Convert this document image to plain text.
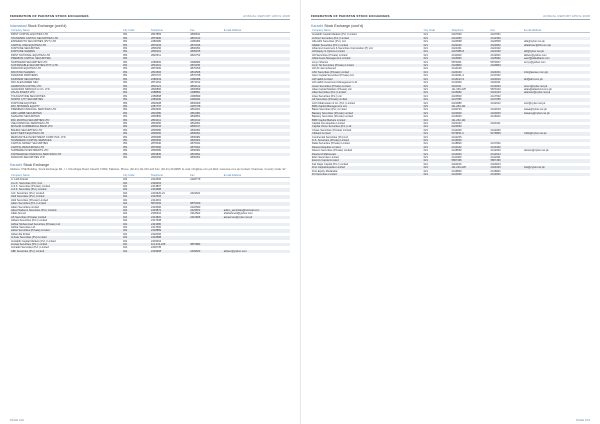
FEDERATION OF PAKISTAN STOCK EXCHANGES	ANNUAL REPORT APRIL 2008
Islamabad Stock Exchange (cont'd)
Company Name	City Code	Telephone	Fax	E-mail Address
FIRST CAPITAL EQUITIES LTD	051	2827883	2806811	
STANDARD CAPITAL SECURITIES LTD	051	2879990	2810163	
ESPERANTO SECURITIES (PVT) LTD	051	2280280	2280084	
CAPITAL ONE EQUITIES LTD	051	2870033	2870036	
FORTUNE SECURITIES	051	2806150	2806351	
FORTUNE SHARES	051	2806161	2806155	
FIRST NATIONAL EQUITIES LTD	051	2822511	2822752	
PREMIUM CAPITAL SECURITIES	051			
NORTHERN SECURITIES LTD	051	2289500	2289684	
SUSTAINABLE SECURITIES (PVT) LTD	051	2801001	2801155	
DAWOOD EQUITIES LTD	051	2870360	2870359	
PAKISTAN SHARES	051	2801506	2801508	
DIAMOND PARTNERS	051	2870707	2870708	
FAIRVIEW SECURITIES	051	2280333	2280388	
PAK ALEXANDER SEC	051	2874151	2874152	
HARRISON CAPITAL LTD	051	2802121	2802122	
JAHANGIR SIDDIQUI & CO. LTD	051	2800860	2800859	
ATLAS INVEST LTD	051	2288860	2288861	
TOUCHSTONE SECURITIES	051	2286898	2286899	
NORTH CITY SECURITIES	051	2283490	2283491	
FORTUNE EQUITIES	051	2802008	2802009	
PAK SPINNING EQUITY	051	2287707	2287708	
PREMIER FINANCIAL SERVICES LTD	051	2804300	2804301	
ARIF HABIB SECURITIES	051	2810080	2810081	
SHAHZAD SECURITIES	051	2800850	2800851	
PAK MUNTHA SECURITIES LTD	051	2801011	2801012	
JSE FINANCIAL SERVICES LTD	051	2804050	2804051	
MUSLIM COMMERCIAL BANK LTD	051	2800016	2800017	
BAHRIA SECURITIES LTD	051	2806080	2806081	
EAST WEST EQUITIES LTD	051	2806050	2806051	
MERCANTILE INVESTMENT CORP. PAK. LTD	051	2806080	2806081	
SOVEREIGN CAPITAL SERVICES	051	2826000	2826001	
CAPITAL MONEY SECURITIES	051	2876030	2876031	
CAPITAL RESOURCES LTD	051	2876060	2876061	
SUPREME INVESTMENTS LTD	051	2806080	2806081	
KNOWLEDGE FINANCIAL SERVICES LTD	051	2801830	2801831	
DAWOOD SECURITIES LTD	051	2800050	2800051	
Karachi Stock Exchange
Address: KSE Building, Stock Exchange Rd., I.I. Chundrigar Road, Karachi 74000, Pakistan. Phone: (92-21) 111-001-122 Fax: (92-21) 2410825. E-mail: info@kse.com.pk Web: www.kse.com.pk Contact: Chairman, Country Code: 92
Company Name	City Code	Telephone	Fax	E-mail Address
A. Latif Arshad	021	2412620	2420779	
A.H.K. Securities (Pvt.) Ltd.	021	2426004		
A.S.K. Securities (Private) Limited	021	2413807		
A.Z.K. Securities (Pvt.) Limited	021	2419688		
A.R. Securities (Pvt.) Limited	021	2419620-21	2419621	
Abid Securities (Pvt.) Limited	021	2412506		
Abid Securities (Private) Limited	021	2414001		
Adam Securities (Pvt.) Limited	021	5870006	5870009	
Adam Securities Limited	021	2423090	2422590	
Adeel Nadeem Securities (Pvt.) Limited	021	2423872	2423872	adam_securities@hotmail.com
Aftab Ahmed	021	2300316	2312502	aftabahmed@yahoo.com
AK Securities (Private) Limited	021	2414820	2412606	akseccure@cyber.net.pk
Akbani Securities (Pvt.) Limited	021	2417608		
Akhtar Muhammad Securities (Private) Ltd.	021	2421680		
Akhtar Securities Ltd.	021	2417600		
Akbar Securities (Private) Limited	021	2418889		
Akbar Zia Zubair	021	2422006		
Al Asar Securities (Pvt) Limited	021	2410888		
Al-Habib Capital Markets (Pvt.) Limited	021	2415004		
Al-Haq Securities (Pvt.) Limited	021	111-232-225	5867882	
Al-Falah Securities (Pvt.) Limited	021	2430735		
ABF Securities (Pvt.) Limited	021	2429908	2429603	abfsec@yahoo.com
PAGE 102
FEDERATION OF PAKISTAN STOCK EXCHANGES	ANNUAL REPORT APRIL 2008
Karachi Stock Exchange (cont'd)
Company Name	City Code	Telephone	Fax	E-mail Address
Al-Habib Capital Markets (Pvt.) Limited	021	2427600	2427651	
Al-Noor Securities (Pvt.) Limited	021	2421860	2412300	
Alfa Adhi Securities (Pvt.) Ltd.	021	2420568	2420508	alfa@cyber.net.pk
Alfalah Securities (Pvt.) Limited	021	2422020	2420002	alfalahsec@hbl.com.pk
Alhamra Investment & Securities Corporation (P) Ltd.	021	2421001	2421002	
Alif Equity & Options Limited	021	2427885-8	2421600	alif@cyber.net.pk
Alif Securities (Private) Limited	021	2411840	2413001	alifsec@yahoo.com
Allied Asset Management Limited	021	2425960	2425962	aaml@alliedbank.com
Amyn Shamsi	021	5870001	5870007	amyn@yahoo.com
Amin Tai Securities (Private) Limited	021	2420803	2420803	
Arif Ali Janmohamed	021	2413100		
ASC Securities (Private) Limited	021	2424040	2424001	info@ascsec.com.pk
Apex Capital Securities (Private) Ltd.	021	2412001-2	2417002	
Arif Habib Limited	021	2415213-3	2420010	ahl@ahl.com.pk
Arif Habib Investment Management Ltd.	021	2412900	2423011	
Arsun Securities (Private) Limited	021	2421011	2413023	arsun@cyber.net.pk
Atlas Capital Markets (Private) Ltd.	021	111-336-225	5870410	atlas@atlasfund.com.pk
Atlas Securities (Pvt.) Limited	021	2415960	2421010	atlassec@cyber.net.pk
Azee Securities (Pvt.) Ltd.	021	2420500	2417602	
AZ Securities (Private) Limited	021	2417655	2417655	
Aziz Fidahussain & Co. (Pvt.) Limited	021	2421880	2412012	aziz@cyber.net.pk
BMA Capital Management Ltd.	021	111-262-111		
Bawa Securities (Pvt.) Limited	021	2430723	2413619	bawa@cyber.net.pk
Bawany Securities (Private) Limited	021	2420000	2420000	bawany@cyber.net.pk
Bawany Securities (Private) Limited	021	2416000	2416001	
BRR Capital Markets Limited	021	111-262-111		
Capital One Equities Limited	021	2420410	2420411	
Capital Vision Securities (Pvt.) Ltd.	021	2420060		
Chase Securities (Private) Limited	021	2412000	2412000	
Citibank Limited	021	5279811-3	5279809	citibk@cyber.net.pk
Continental Securities (Pvt) Ltd.	021	2412015		
D.S. Securities (Private) Limited	021	2416600		
Dalai Securities (Private) Limited	021	2418820	2417602	
Dawood Equities Limited	021	2410102	2410102	
Darson Securities (Private) Limited	021	2418650	2412020	darson@cyber.net.pk
Dawood Fidahussain	021	2413000	2412013	
Elixir Securities Limited	021	2411060	2411061	
Escorts Capital Limited	021	5867466	5867466	
Fair Edge Capital (Pvt.) Limited	021	2420010	2420013	
First Capital Equities Limited	021	111-226-226	2424200	fcel@cyber.net.pk
First Equity Modaraba	021	2416800	2416801	
FN Securities Limited	021	2413000	2413001	
PAGE 103
